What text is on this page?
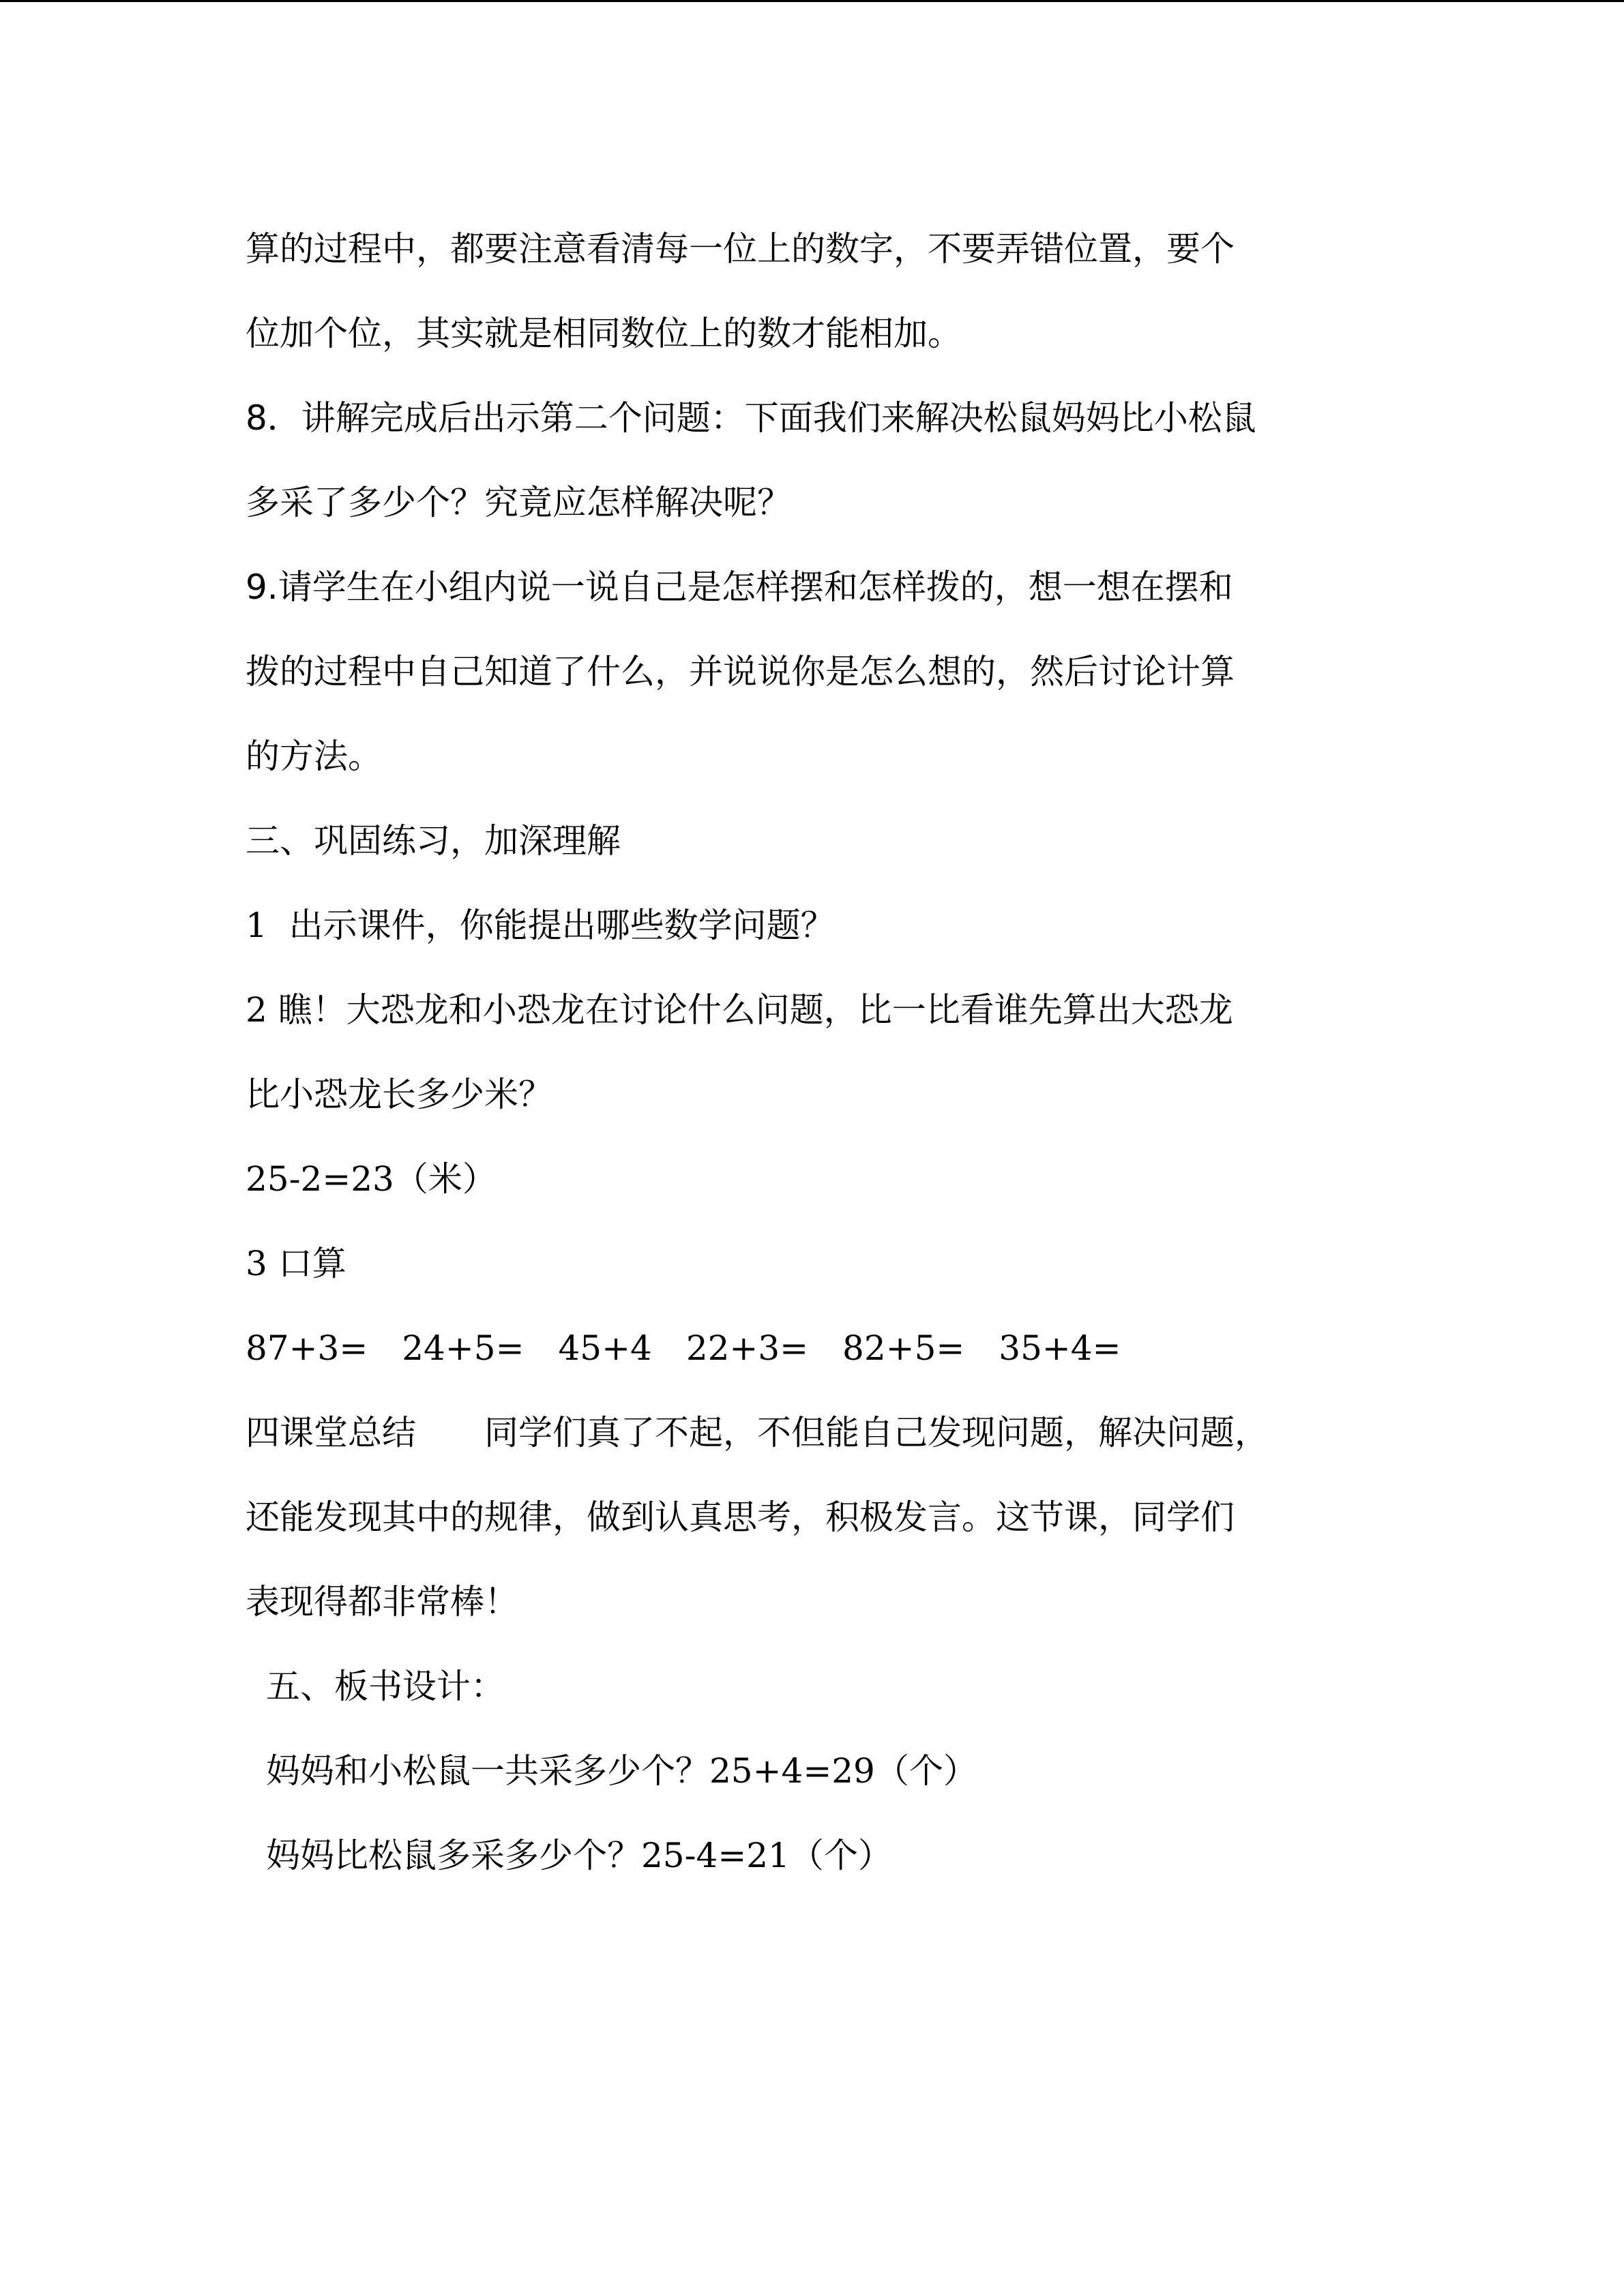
算的过程中，都要注意看清每一位上的数字，不要弄错位置，要个

位加个位，其实就是相同数位上的数才能相加。

8．讲解完成后出示第二个问题：下面我们来解决松鼠妈妈比小松鼠

多采了多少个？究竟应怎样解决呢？

9.请学生在小组内说一说自己是怎样摆和怎样拨的，想一想在摆和

拨的过程中自己知道了什么，并说说你是怎么想的，然后讨论计算

的方法。

三、巩固练习，加深理解

1  出示课件，你能提出哪些数学问题？

2 瞧！大恐龙和小恐龙在讨论什么问题，比一比看谁先算出大恐龙

比小恐龙长多少米？

25-2=23（米）

3 口算

87+3= 24+5= 45+4 22+3= 82+5= 35+4=

四课堂总结 同学们真了不起，不但能自己发现问题，解决问题，

还能发现其中的规律，做到认真思考，积极发言。这节课，同学们

表现得都非常棒！

五、板书设计：

妈妈和小松鼠一共采多少个？25+4=29（个）

妈妈比松鼠多采多少个？25-4=21（个）
